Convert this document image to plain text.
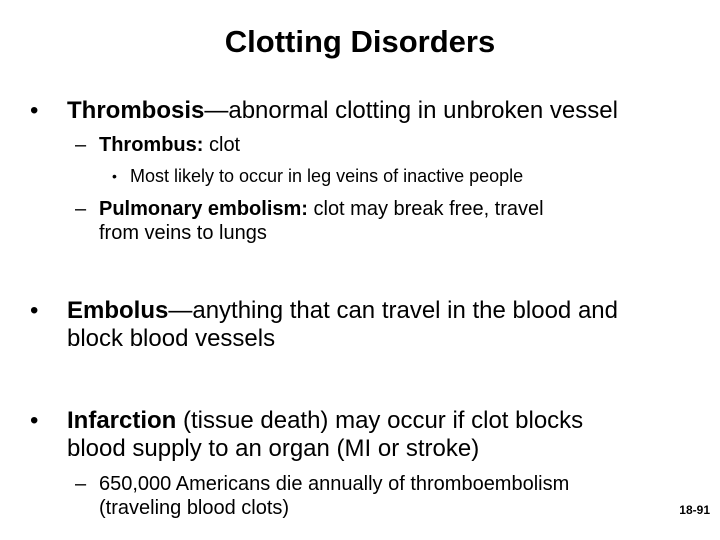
Clotting Disorders
• Thrombosis—abnormal clotting in unbroken vessel
– Thrombus: clot
• Most likely to occur in leg veins of inactive people
– Pulmonary embolism: clot may break free, travel
from veins to lungs
• Embolus—anything that can travel in the blood and
block blood vessels
• Infarction (tissue death) may occur if clot blocks
blood supply to an organ (MI or stroke)
– 650,000 Americans die annually of thromboembolism
(traveling blood clots)	18-91
